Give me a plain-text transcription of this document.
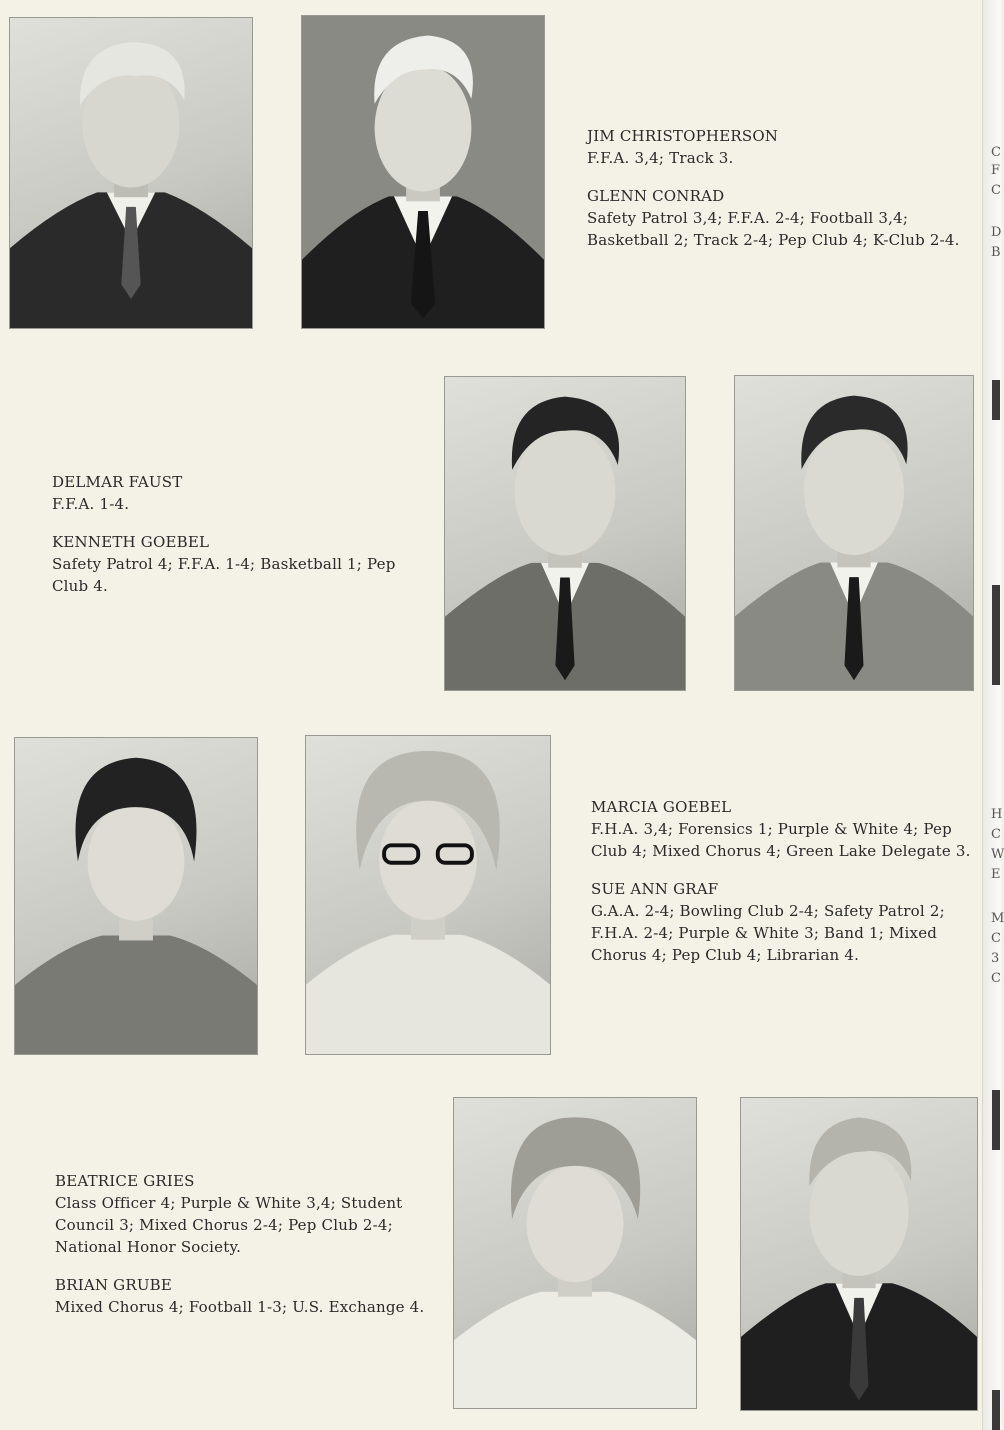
C
F
C
D
B
H
C
W
E
M
C
3
C
JIM CHRISTOPHERSON
F.F.A. 3,4; Track 3.
GLENN CONRAD
Safety Patrol 3,4; F.F.A. 2-4; Football 3,4; Basketball 2; Track 2-4; Pep Club 4; K-Club 2-4.
DELMAR FAUST
F.F.A. 1-4.
KENNETH GOEBEL
Safety Patrol 4; F.F.A. 1-4; Basketball 1; Pep Club 4.
MARCIA GOEBEL
F.H.A. 3,4; Forensics 1; Purple & White 4; Pep Club 4; Mixed Chorus 4; Green Lake Delegate 3.
SUE ANN GRAF
G.A.A. 2-4; Bowling Club 2-4; Safety Patrol 2; F.H.A. 2-4; Purple & White 3; Band 1; Mixed Chorus 4; Pep Club 4; Librarian 4.
BEATRICE GRIES
Class Officer 4; Purple & White 3,4; Student Council 3; Mixed Chorus 2-4; Pep Club 2-4; National Honor Society.
BRIAN GRUBE
Mixed Chorus 4; Football 1-3; U.S. Exchange 4.
